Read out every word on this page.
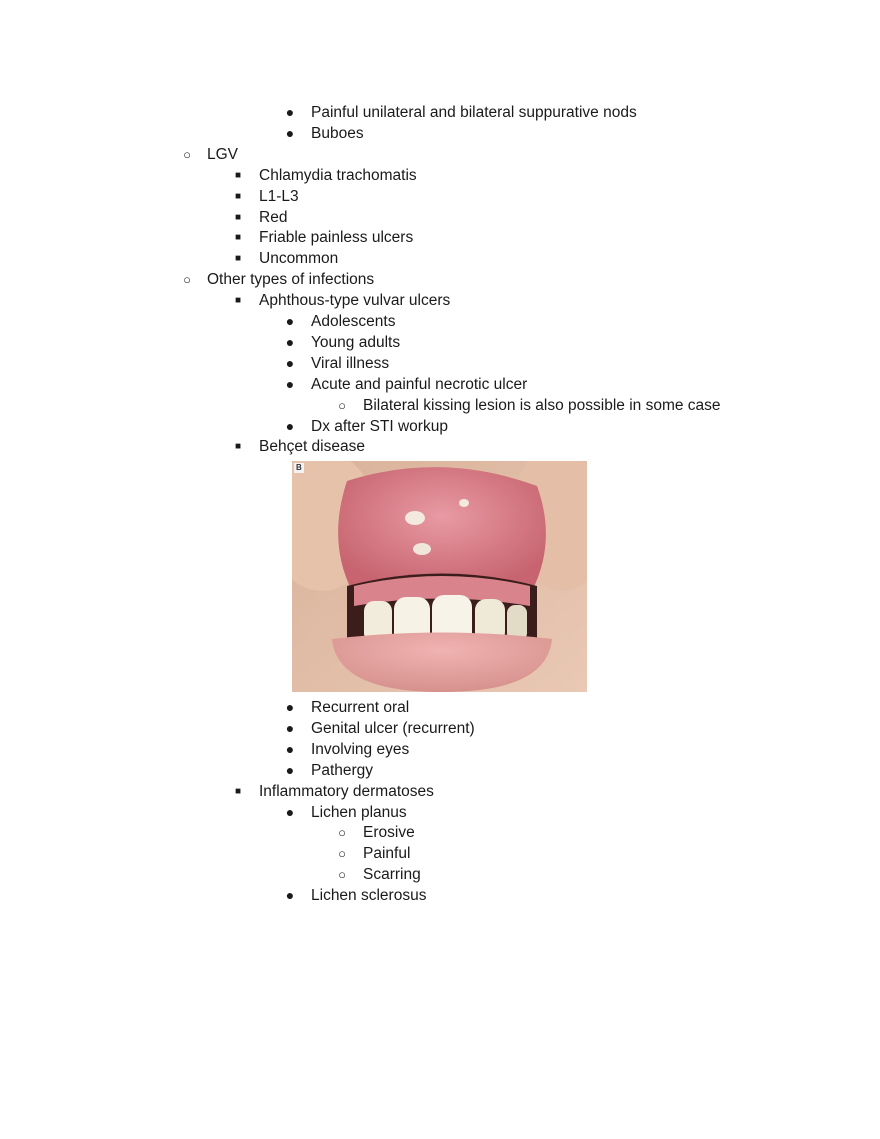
●	Painful unilateral and bilateral suppurative nods
●	Buboes
○	LGV
■	Chlamydia trachomatis
■	L1-L3
■	Red
■	Friable painless ulcers
■	Uncommon
○	Other types of infections
■	Aphthous-type vulvar ulcers
●	Adolescents
●	Young adults
●	Viral illness
●	Acute and painful necrotic ulcer
○	Bilateral kissing lesion is also possible in some case
●	Dx after STI workup
■	Behçet disease
B
●	Recurrent oral
●	Genital ulcer (recurrent)
●	Involving eyes
●	Pathergy
■	Inflammatory dermatoses
●	Lichen planus
○	Erosive
○	Painful
○	Scarring
●	Lichen sclerosus
